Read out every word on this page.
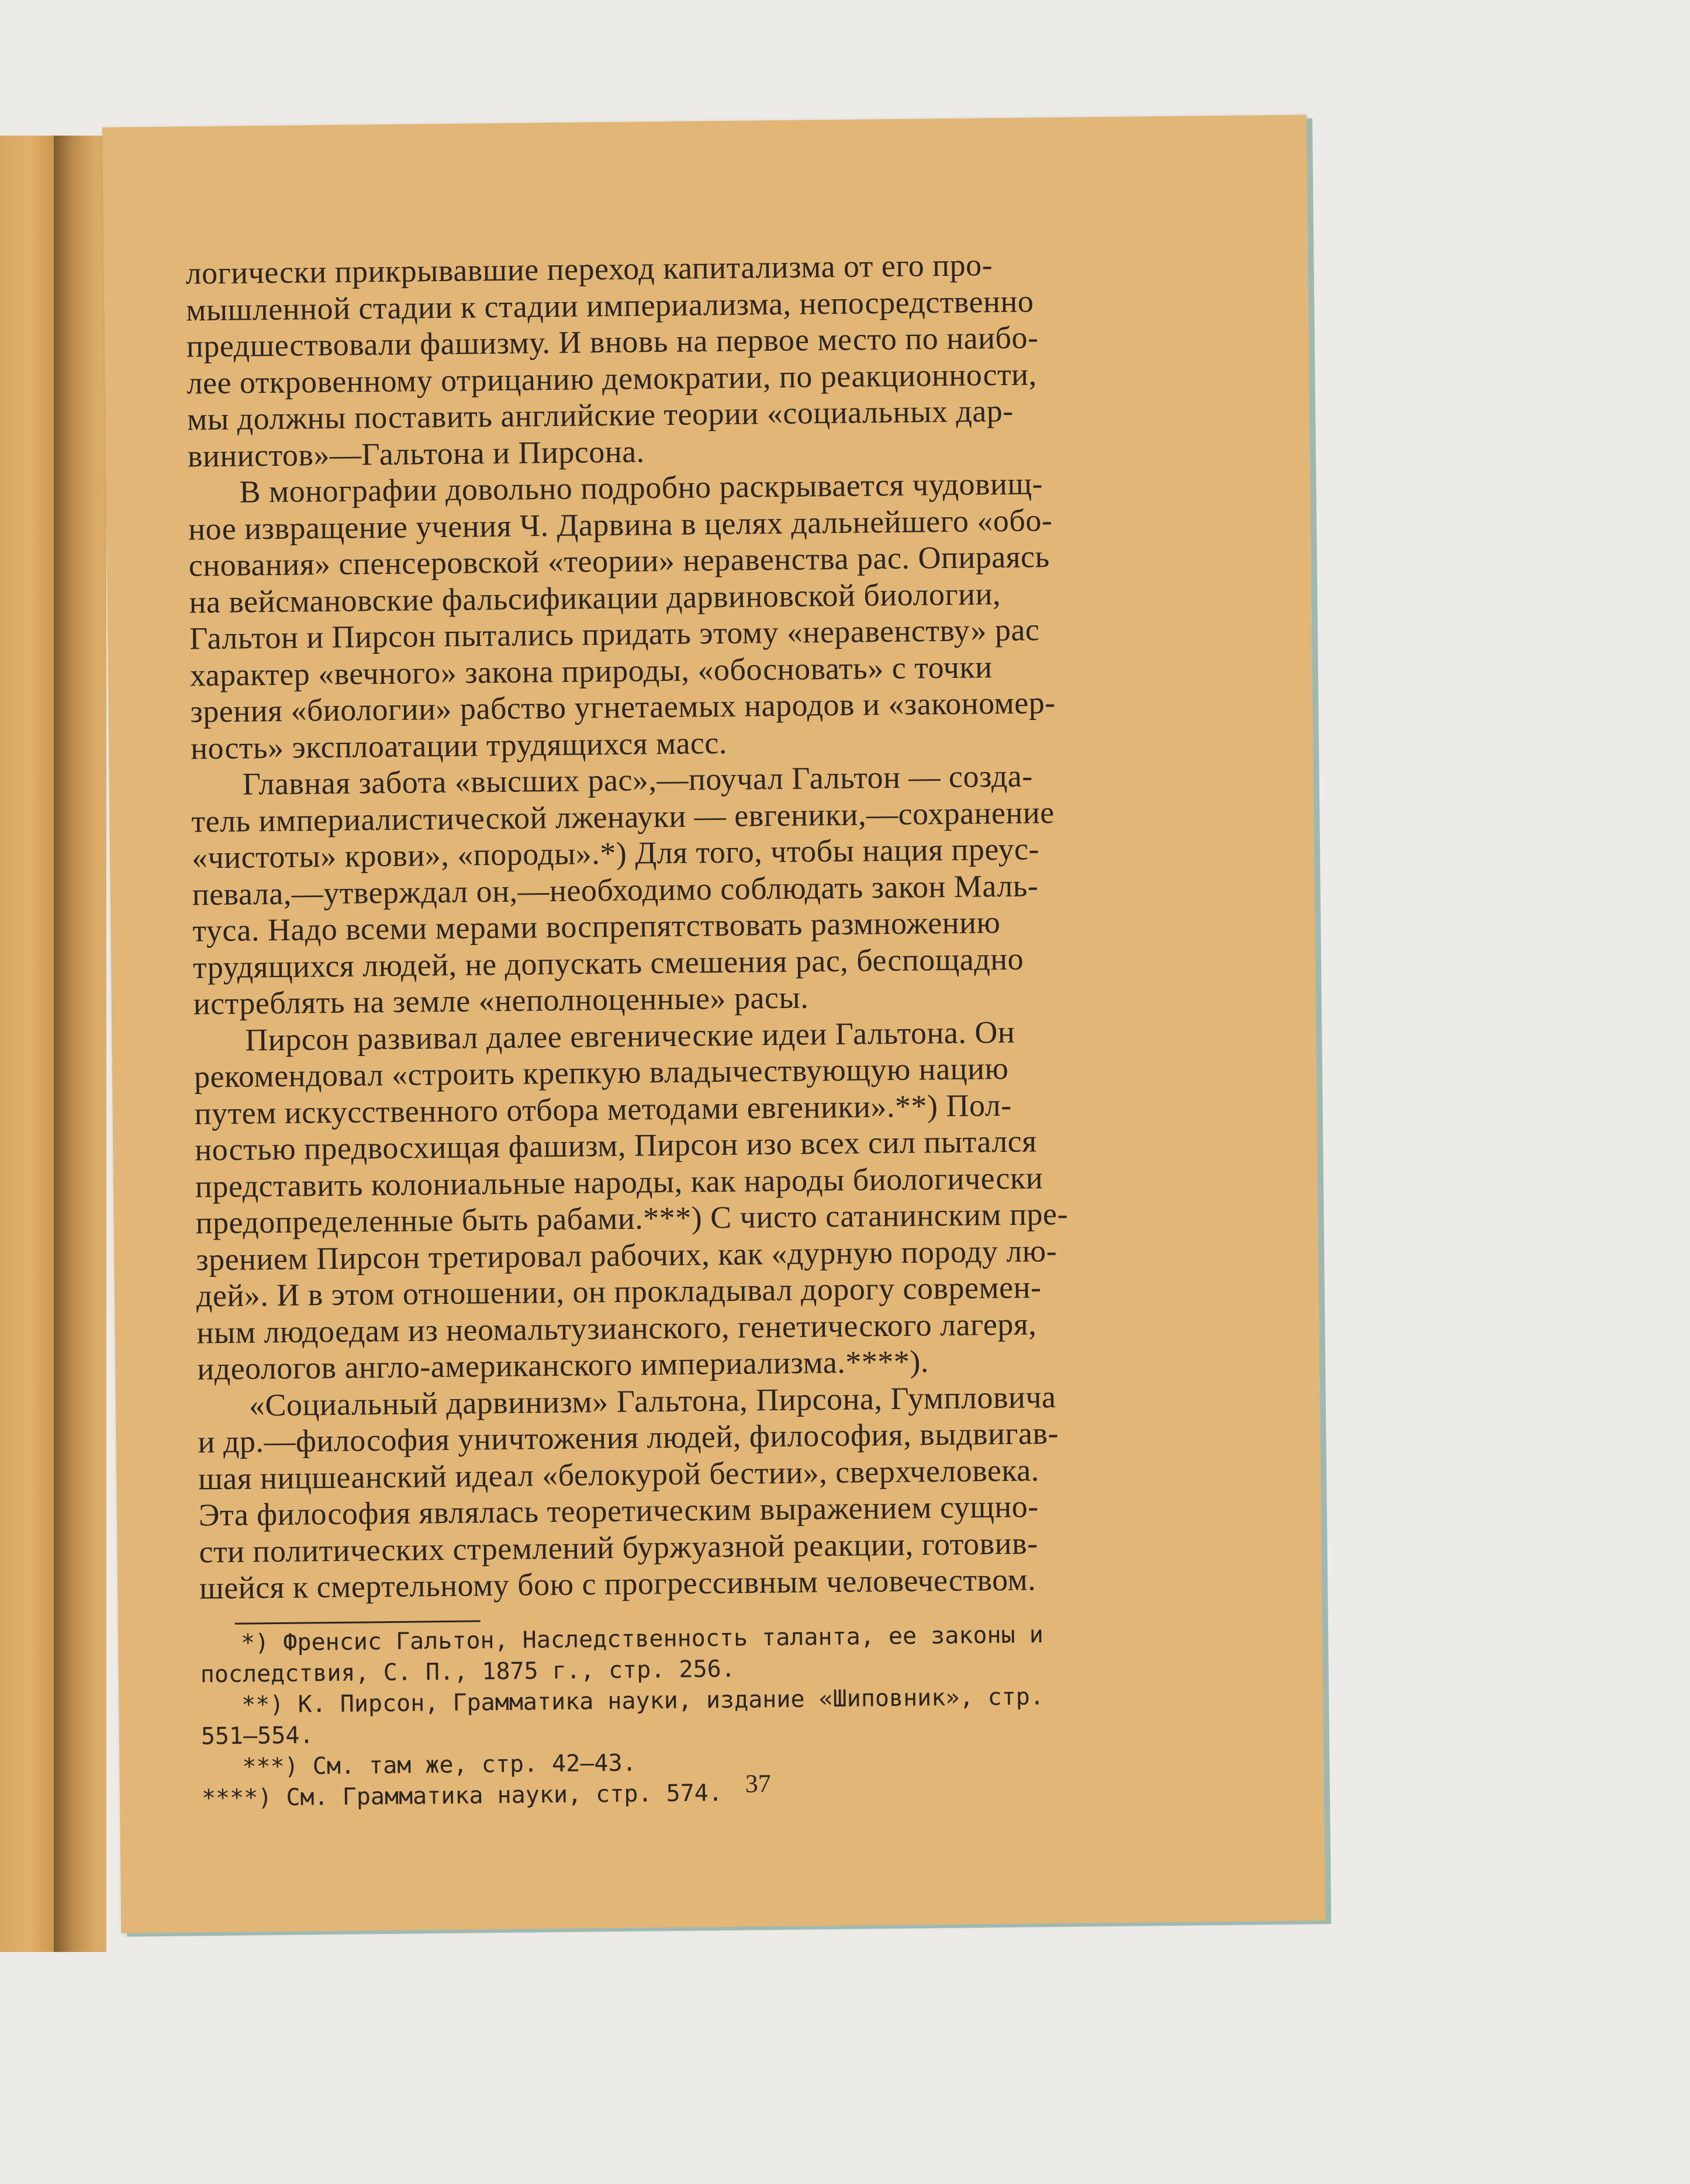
логически прикрывавшие переход капитализма от его про-
мышленной стадии к стадии империализма, непосредственно
предшествовали фашизму. И вновь на первое место по наибо-
лее откровенному отрицанию демократии, по реакционности,
мы должны поставить английские теории «социальных дар-
винистов»—Гальтона и Пирсона.
В монографии довольно подробно раскрывается чудовищ-
ное извращение учения Ч. Дарвина в целях дальнейшего «обо-
снования» спенсеровской «теории» неравенства рас. Опираясь
на вейсмановские фальсификации дарвиновской биологии,
Гальтон и Пирсон пытались придать этому «неравенству» рас
характер «вечного» закона природы, «обосновать» с точки
зрения «биологии» рабство угнетаемых народов и «закономер-
ность» эксплоатации трудящихся масс.
Главная забота «высших рас»,—поучал Гальтон — созда-
тель империалистической лженауки — евгеники,—сохранение
«чистоты» крови», «породы».*) Для того, чтобы нация преус-
певала,—утверждал он,—необходимо соблюдать закон Маль-
туса. Надо всеми мерами воспрепятствовать размножению
трудящихся людей, не допускать смешения рас, беспощадно
истреблять на земле «неполноценные» расы.
Пирсон развивал далее евгенические идеи Гальтона. Он
рекомендовал «строить крепкую владычествующую нацию
путем искусственного отбора методами евгеники».**) Пол-
ностью предвосхищая фашизм, Пирсон изо всех сил пытался
представить колониальные народы, как народы биологически
предопределенные быть рабами.***) С чисто сатанинским пре-
зрением Пирсон третировал рабочих, как «дурную породу лю-
дей». И в этом отношении, он прокладывал дорогу современ-
ным людоедам из неомальтузианского, генетического лагеря,
идеологов англо-американского империализма.****).
«Социальный дарвинизм» Гальтона, Пирсона, Гумпловича
и др.—философия уничтожения людей, философия, выдвигав-
шая ницшеанский идеал «белокурой бестии», сверхчеловека.
Эта философия являлась теоретическим выражением сущно-
сти политических стремлений буржуазной реакции, готовив-
шейся к смертельному бою с прогрессивным человечеством.
*) Френсис Гальтон, Наследственность таланта, ее законы и
последствия, С. П., 1875 г., стр. 256.
**) К. Пирсон, Грамматика науки, издание «Шиповник», стр.
551—554.
***) См. там же, стр. 42—43.
****) См. Грамматика науки, стр. 574. 37
